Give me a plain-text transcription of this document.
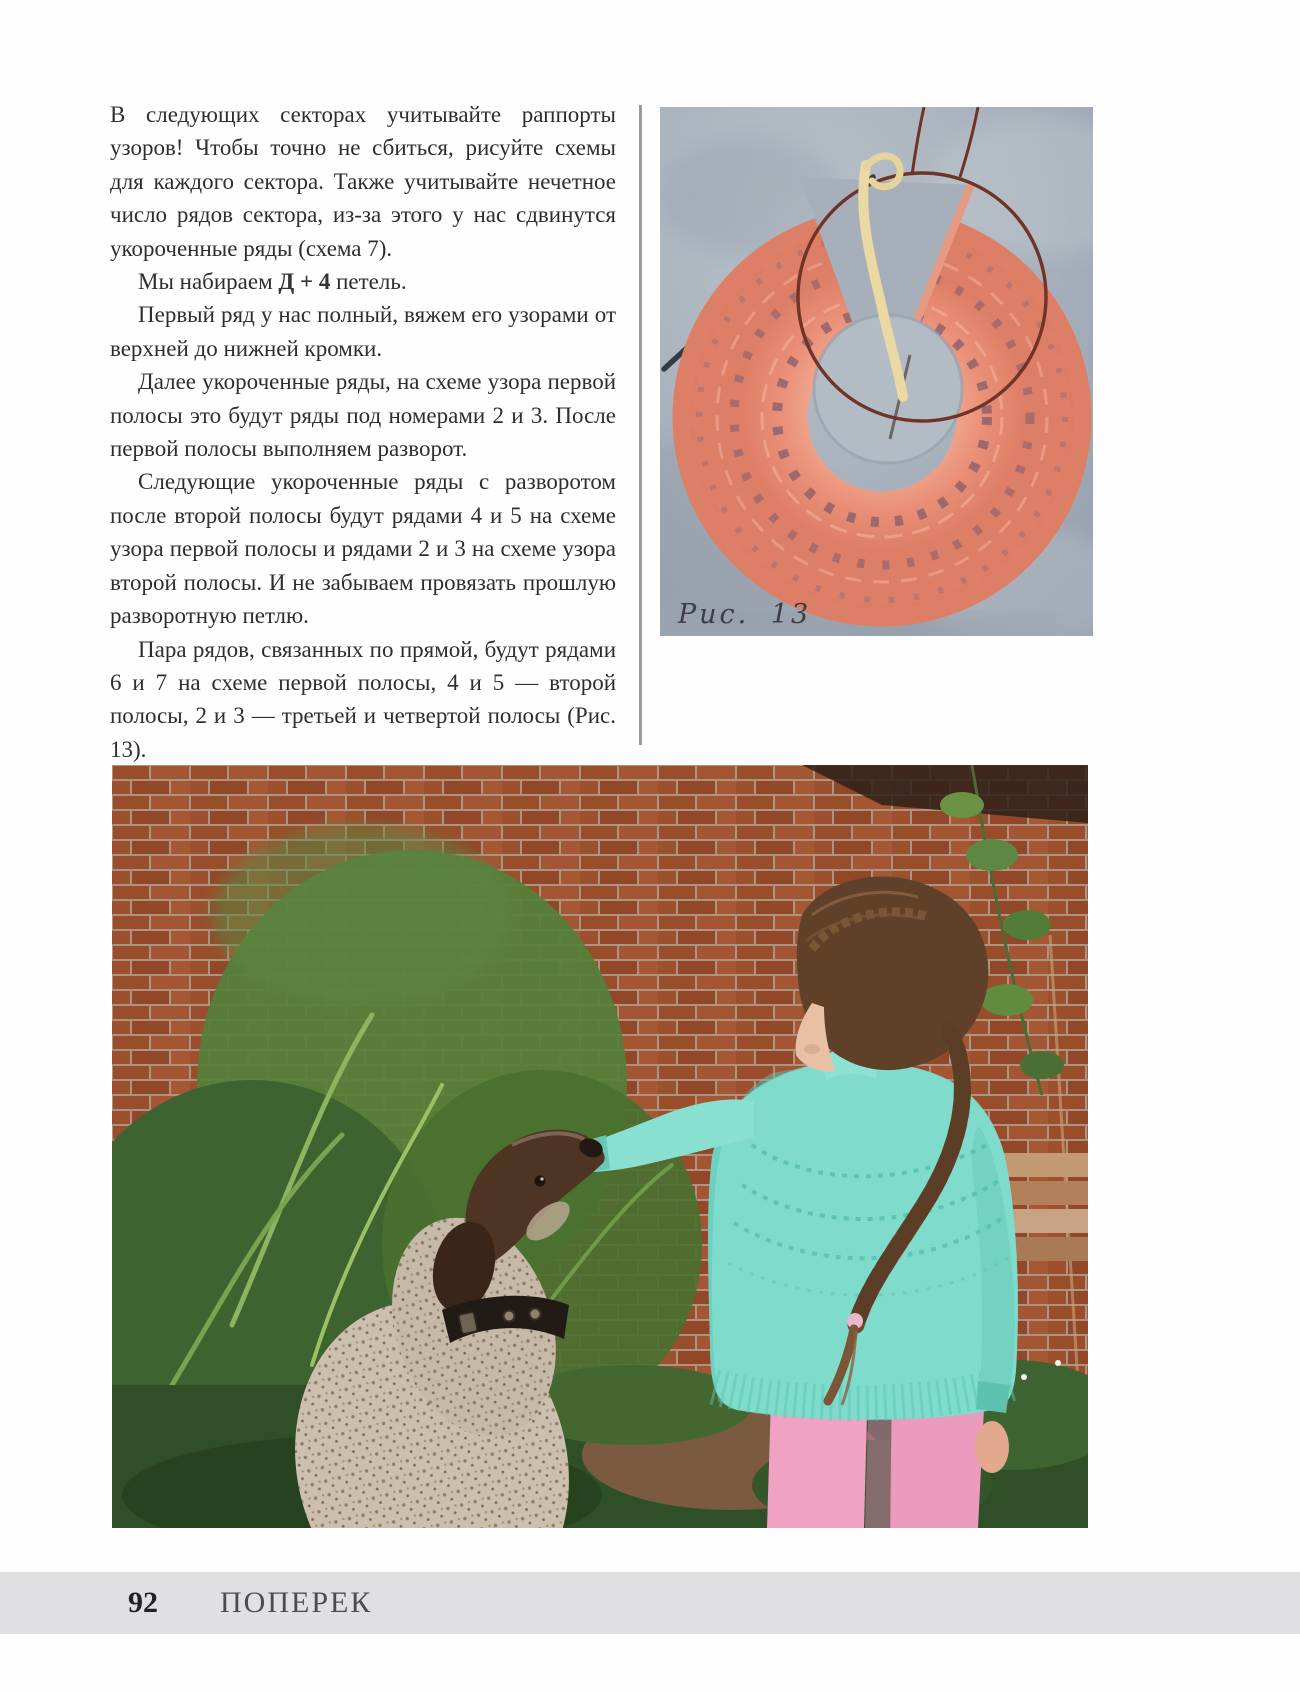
В следующих секторах учитывайте раппорты узоров! Чтобы точно не сбиться, рисуйте схемы для каждого сектора. Также учитывайте нечетное число рядов сектора, из-за этого у нас сдвинутся укороченные ряды (схема 7).

Мы набираем Д + 4 петель.

Первый ряд у нас полный, вяжем его узорами от верхней до нижней кромки.

Далее укороченные ряды, на схеме узора первой полосы это будут ряды под номерами 2 и 3. После первой полосы выполняем разворот.

Следующие укороченные ряды с разворотом после второй полосы будут рядами 4 и 5 на схеме узора первой полосы и рядами 2 и 3 на схеме узора второй полосы. И не забываем провязать прошлую разворотную петлю.

Пара рядов, связанных по прямой, будут рядами 6 и 7 на схеме первой полосы, 4 и 5 — второй полосы, 2 и 3 — третьей и четвертой полосы (Рис. 13).

Рис. 13
92 ПОПЕРЕК
